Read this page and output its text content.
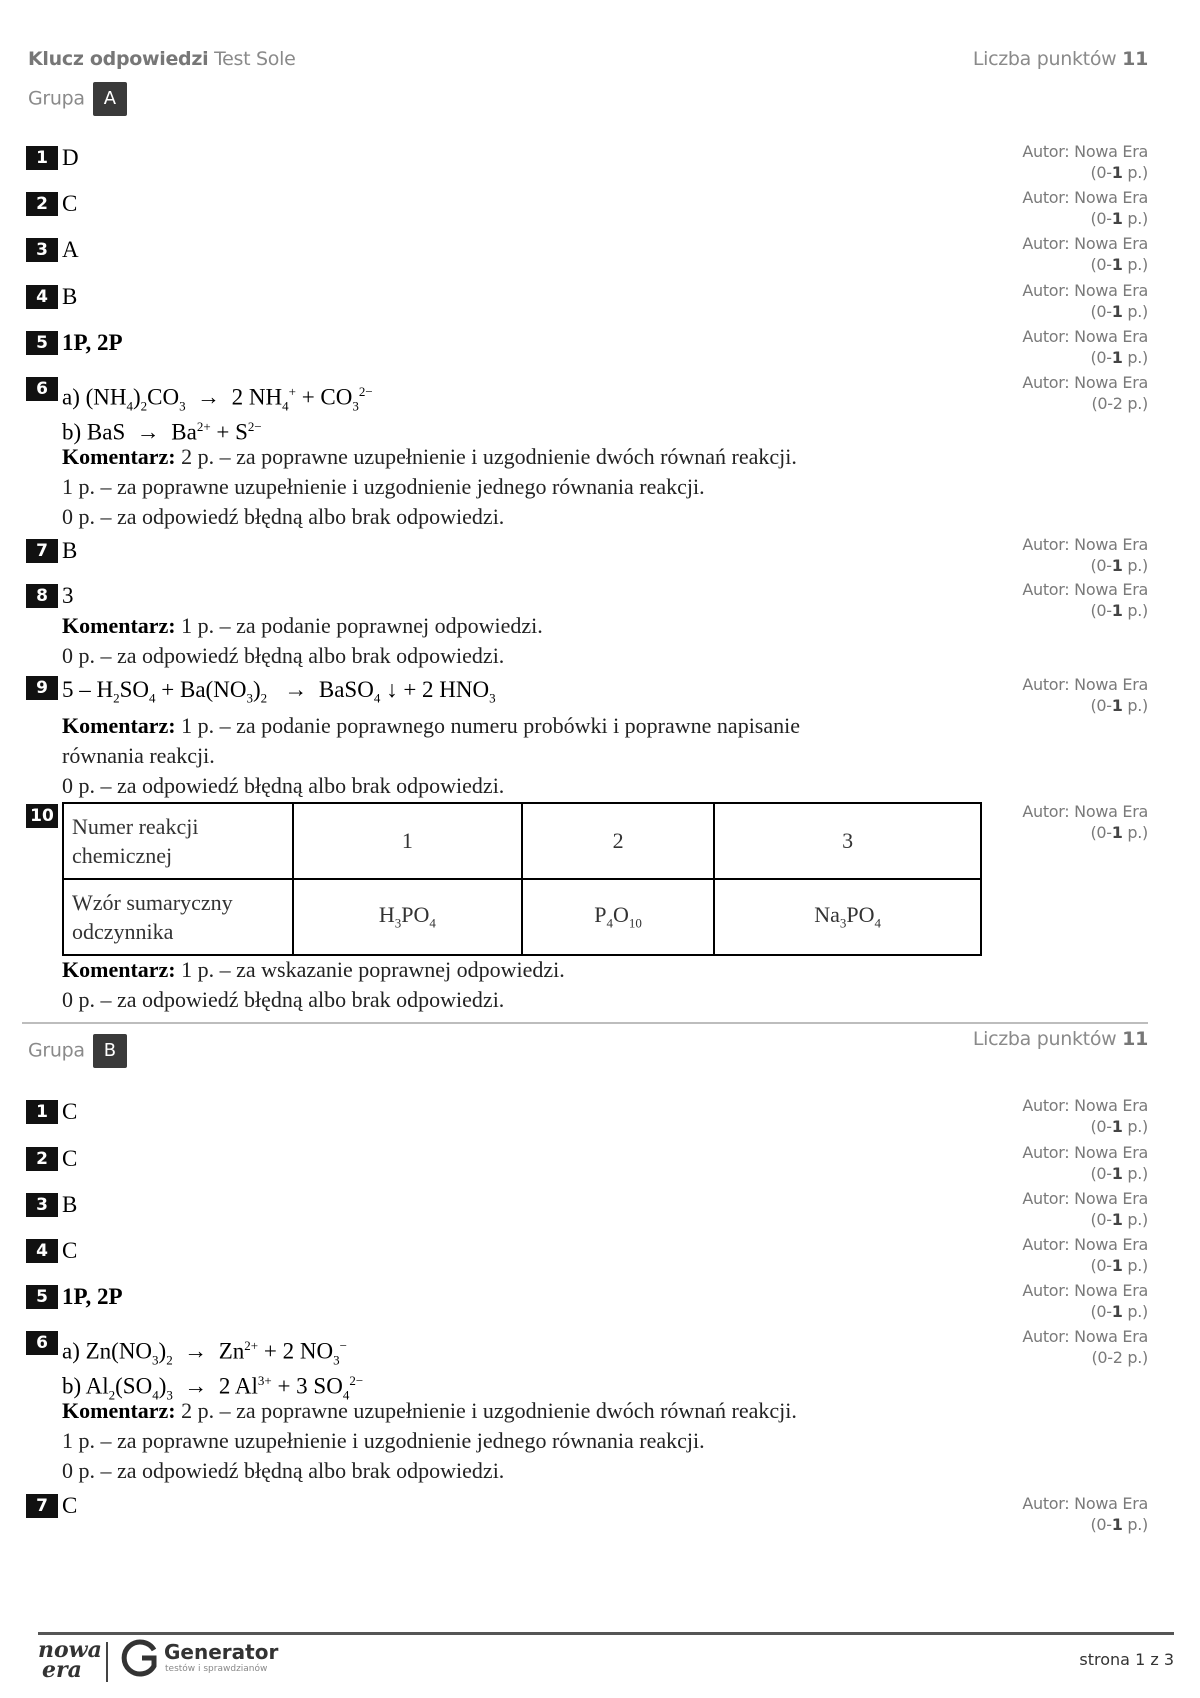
Klucz odpowiedzi Test Sole	Liczba punktów 11
Grupa A
1 D	Autor: Nowa Era
(0-1 p.)
2 C	Autor: Nowa Era
(0-1 p.)
3 A	Autor: Nowa Era
(0-1 p.)
4 B	Autor: Nowa Era
(0-1 p.)
5 1P, 2P	Autor: Nowa Era
(0-1 p.)
6 a) $(NH_4)_2CO_3 \to 2$ $NH_4^+ + CO_3^{2-}$
b) BaS  →  $Ba^{2+} + S^{2-}$
Komentarz: 2 p. – za poprawne uzupełnienie i uzgodnienie dwóch równań reakcji.
1 p. – za poprawne uzupełnienie i uzgodnienie jednego równania reakcji.
0 p. – za odpowiedź błędną albo brak odpowiedzi.
Autor: Nowa Era
(0-2 p.)
7 B	Autor: Nowa Era
(0-1 p.)
8 3
Komentarz: 1 p. – za podanie poprawnej odpowiedzi.
0 p. – za odpowiedź błędną albo brak odpowiedzi.
Autor: Nowa Era
(0-1 p.)
9 $5 - H_2SO_4 + Ba(NO_3)_2$   →  BaSO$_4$ ↓ + 2 $HNO_3$
Komentarz: 1 p. – za podanie poprawnego numeru probówki i poprawne napisanie
równania reakcji.
0 p. – za odpowiedź błędną albo brak odpowiedzi.
Autor: Nowa Era
(0-1 p.)
10 Numer reakcji chemicznej	1	2	3
Wzór sumaryczny odczynnika	$H_3PO_4$	$P_4O_{10}$	$Na_3PO_4$
Komentarz: 1 p. – za wskazanie poprawnej odpowiedzi.
0 p. – za odpowiedź błędną albo brak odpowiedzi.
Autor: Nowa Era
(0-1 p.)
Grupa B
Liczba punktów 11
1 C	Autor: Nowa Era
(0-1 p.)
2 C	Autor: Nowa Era
(0-1 p.)
3 B	Autor: Nowa Era
(0-1 p.)
4 C	Autor: Nowa Era
(0-1 p.)
5 1P, 2P	Autor: Nowa Era
(0-1 p.)
6 a) $Zn(NO_3)_2 \to Zn^{2+} + 2$ $NO_3^-$
b) $Al_2(SO_4)_3 \to 2$ $Al^{3+} + 3$ $SO_4^{2-}$
Komentarz: 2 p. – za poprawne uzupełnienie i uzgodnienie dwóch równań reakcji.
1 p. – za poprawne uzupełnienie i uzgodnienie jednego równania reakcji.
0 p. – za odpowiedź błędną albo brak odpowiedzi.
Autor: Nowa Era
(0-2 p.)
7 C	Autor: Nowa Era
(0-1 p.)
nowa
era
Generator
testów i sprawdzianów	strona 1 z 3
